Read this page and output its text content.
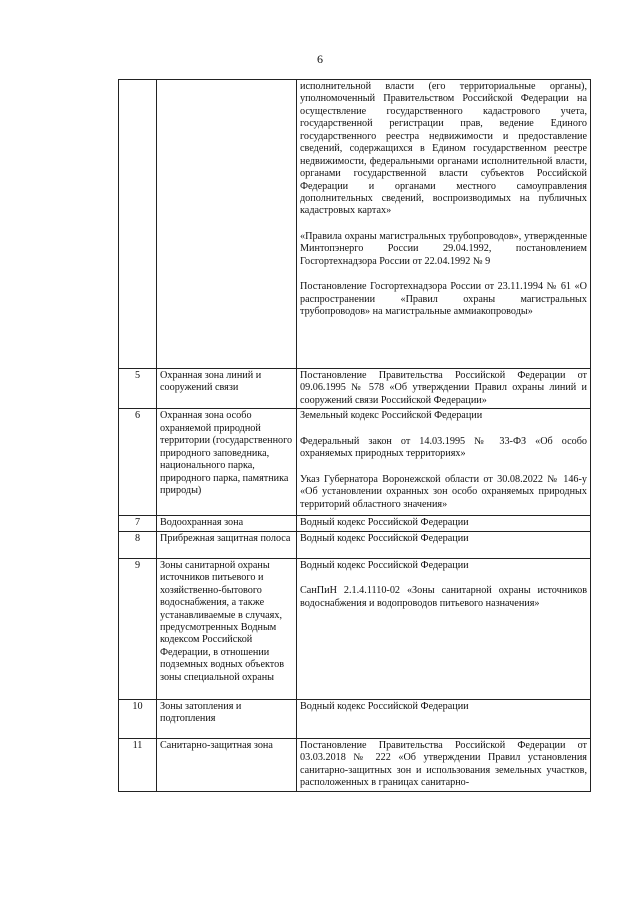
6

		исполнительной власти (его территориальные органы), уполномоченный Правительством Российской Федерации на осуществление государственного кадастрового учета, государственной регистрации прав, ведение Единого государственного реестра недвижимости и предоставление сведений, содержащихся в Едином государственном реестре недвижимости, федеральными органами исполнительной власти, органами государственной власти субъектов Российской Федерации и органами местного самоуправления дополнительных сведений, воспроизводимых на публичных кадастровых картах»

«Правила охраны магистральных трубопроводов», утвержденные Минтопэнерго России 29.04.1992, постановлением Госгортехнадзора России от 22.04.1992 № 9

Постановление Госгортехнадзора России от 23.11.1994 № 61 «О распространении «Правил охраны магистральных трубопроводов» на магистральные аммиакопроводы»

5	Охранная зона линий и сооружений связи	Постановление Правительства Российской Федерации от 09.06.1995 № 578 «Об утверждении Правил охраны линий и сооружений связи Российской Федерации»

6	Охранная зона особо охраняемой природной территории (государственного природного заповедника, национального парка, природного парка, памятника природы)	Земельный кодекс Российской Федерации

Федеральный закон от 14.03.1995 № 33-ФЗ «Об особо охраняемых природных территориях»

Указ Губернатора Воронежской области от 30.08.2022 № 146-у «Об установлении охранных зон особо охраняемых природных территорий областного значения»

7	Водоохранная зона	Водный кодекс Российской Федерации

8	Прибрежная защитная полоса	Водный кодекс Российской Федерации

9	Зоны санитарной охраны источников питьевого и хозяйственно-бытового водоснабжения, а также устанавливаемые в случаях, предусмотренных Водным кодексом Российской Федерации, в отношении подземных водных объектов зоны специальной охраны	Водный кодекс Российской Федерации

СанПиН 2.1.4.1110-02 «Зоны санитарной охраны источников водоснабжения и водопроводов питьевого назначения»

10	Зоны затопления и подтопления	Водный кодекс Российской Федерации

11	Санитарно-защитная зона	Постановление Правительства Российской Федерации от 03.03.2018 № 222 «Об утверждении Правил установления санитарно-защитных зон и использования земельных участков, расположенных в границах санитарно-
